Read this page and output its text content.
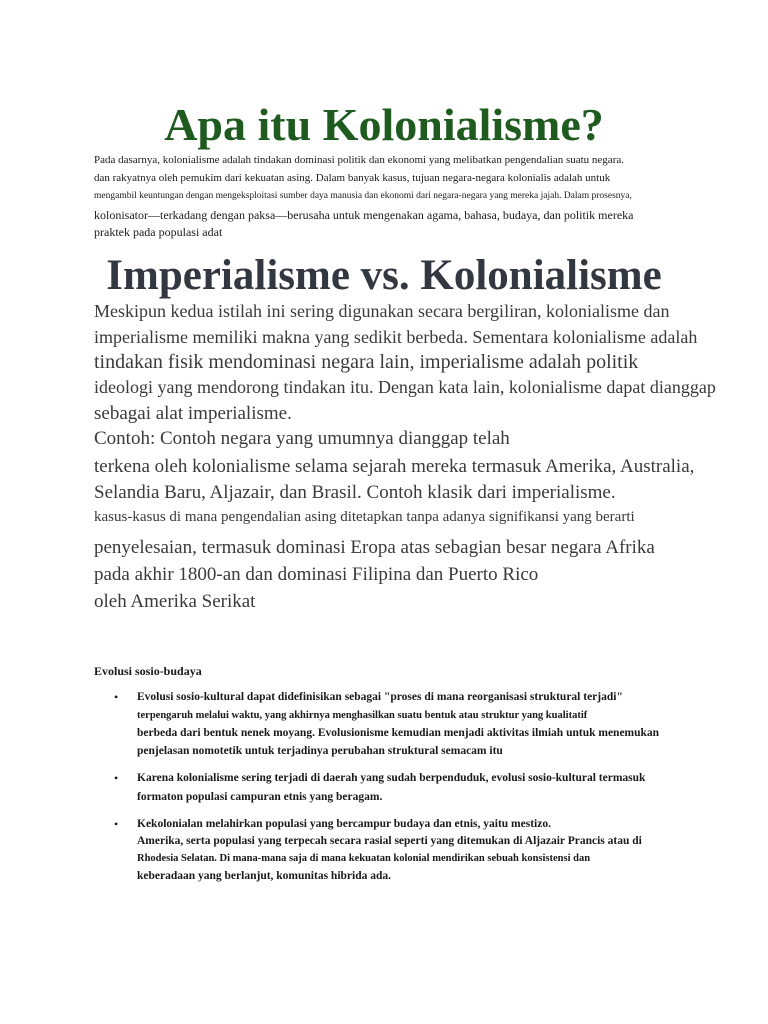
Apa itu Kolonialisme?

Pada dasarnya, kolonialisme adalah tindakan dominasi politik dan ekonomi yang melibatkan pengendalian suatu negara.

dan rakyatnya oleh pemukim dari kekuatan asing. Dalam banyak kasus, tujuan negara-negara kolonialis adalah untuk

mengambil keuntungan dengan mengeksploitasi sumber daya manusia dan ekonomi dari negara-negara yang mereka jajah. Dalam prosesnya,

kolonisator—terkadang dengan paksa—berusaha untuk mengenakan agama, bahasa, budaya, dan politik mereka

praktek pada populasi adat

Imperialisme vs. Kolonialisme

Meskipun kedua istilah ini sering digunakan secara bergiliran, kolonialisme dan

imperialisme memiliki makna yang sedikit berbeda. Sementara kolonialisme adalah

tindakan fisik mendominasi negara lain, imperialisme adalah politik

ideologi yang mendorong tindakan itu. Dengan kata lain, kolonialisme dapat dianggap

sebagai alat imperialisme.

Contoh: Contoh negara yang umumnya dianggap telah

terkena oleh kolonialisme selama sejarah mereka termasuk Amerika, Australia,

Selandia Baru, Aljazair, dan Brasil. Contoh klasik dari imperialisme.

kasus-kasus di mana pengendalian asing ditetapkan tanpa adanya signifikansi yang berarti

penyelesaian, termasuk dominasi Eropa atas sebagian besar negara Afrika

pada akhir 1800-an dan dominasi Filipina dan Puerto Rico

oleh Amerika Serikat

Evolusi sosio-budaya

• Evolusi sosio-kultural dapat didefinisikan sebagai "proses di mana reorganisasi struktural terjadi"

terpengaruh melalui waktu, yang akhirnya menghasilkan suatu bentuk atau struktur yang kualitatif

berbeda dari bentuk nenek moyang. Evolusionisme kemudian menjadi aktivitas ilmiah untuk menemukan

penjelasan nomotetik untuk terjadinya perubahan struktural semacam itu

• Karena kolonialisme sering terjadi di daerah yang sudah berpenduduk, evolusi sosio-kultural termasuk

formaton populasi campuran etnis yang beragam.

• Kekolonialan melahirkan populasi yang bercampur budaya dan etnis, yaitu mestizo.

Amerika, serta populasi yang terpecah secara rasial seperti yang ditemukan di Aljazair Prancis atau di

Rhodesia Selatan. Di mana-mana saja di mana kekuatan kolonial mendirikan sebuah konsistensi dan

keberadaan yang berlanjut, komunitas hibrida ada.
